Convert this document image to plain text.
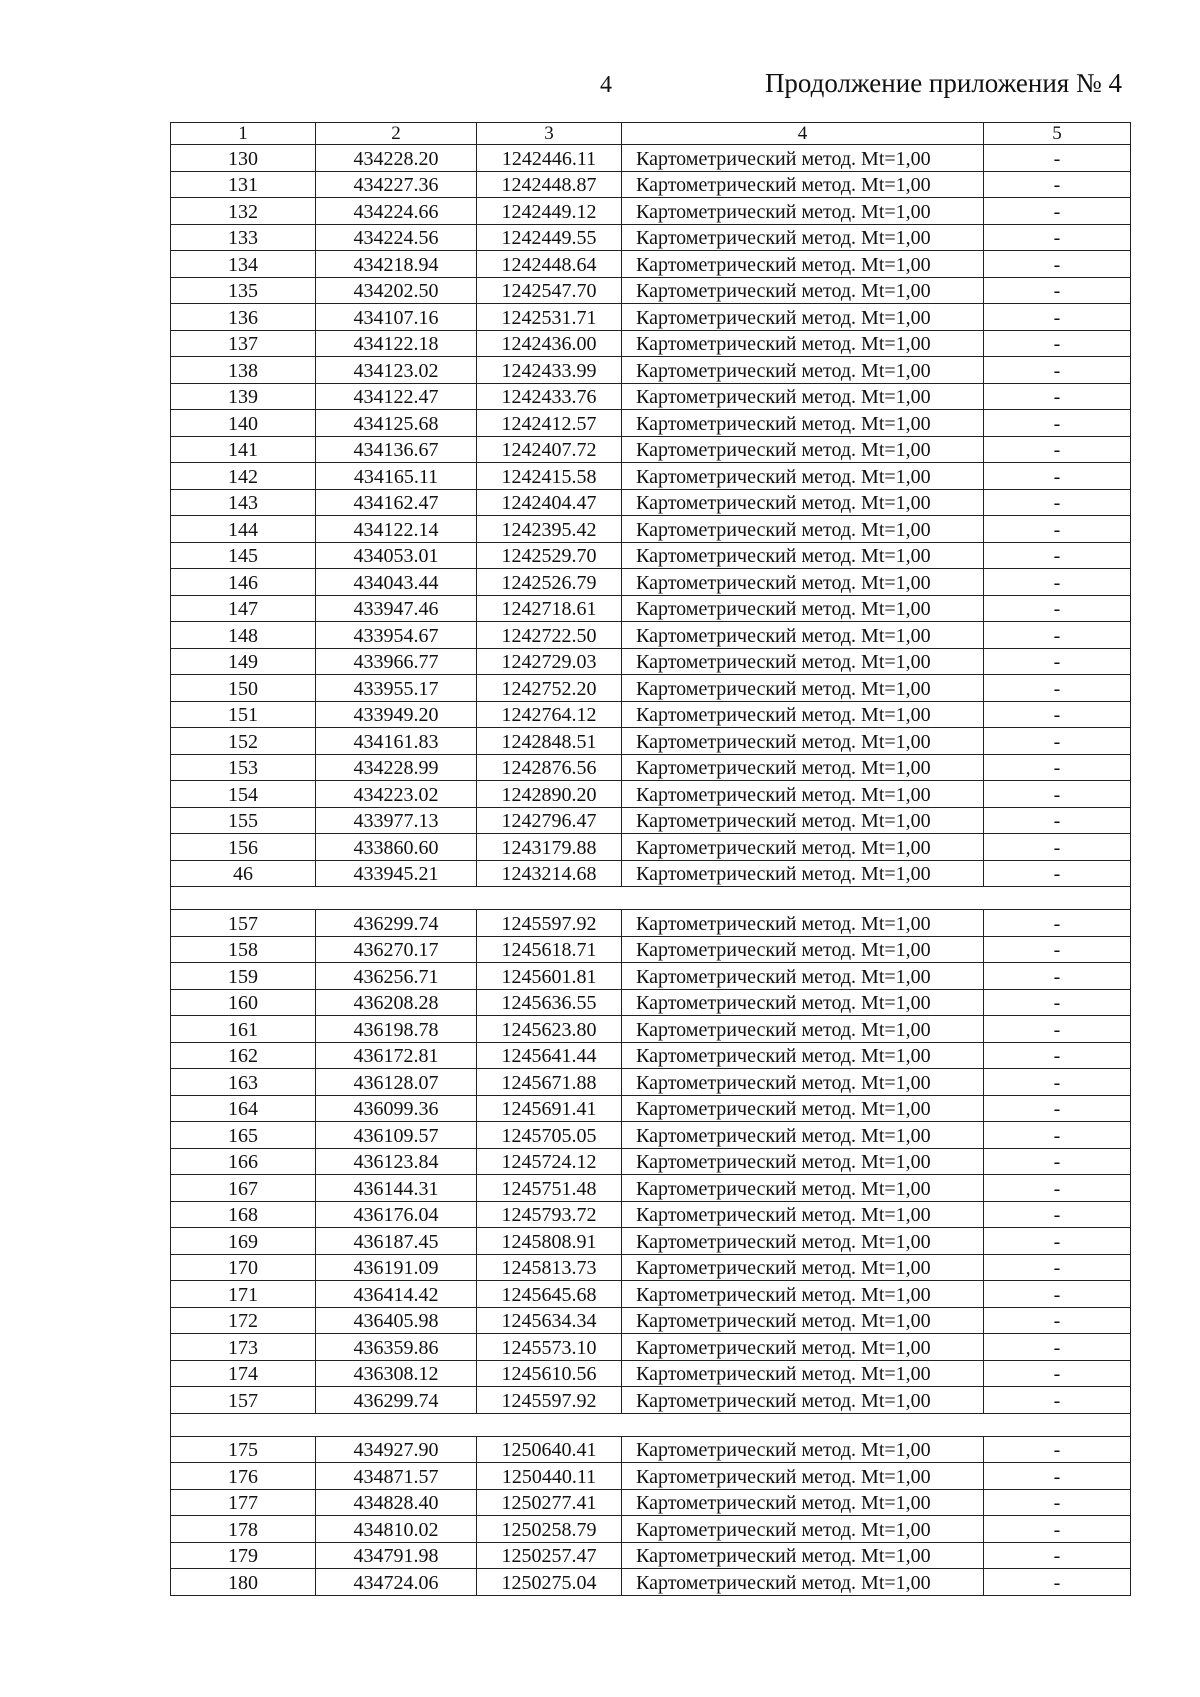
4	Продолжение приложения № 4
1	2	3	4	5
130	434228.20	1242446.11	Картометрический метод. Mt=1,00	-
131	434227.36	1242448.87	Картометрический метод. Mt=1,00	-
132	434224.66	1242449.12	Картометрический метод. Mt=1,00	-
133	434224.56	1242449.55	Картометрический метод. Mt=1,00	-
134	434218.94	1242448.64	Картометрический метод. Mt=1,00	-
135	434202.50	1242547.70	Картометрический метод. Mt=1,00	-
136	434107.16	1242531.71	Картометрический метод. Mt=1,00	-
137	434122.18	1242436.00	Картометрический метод. Mt=1,00	-
138	434123.02	1242433.99	Картометрический метод. Mt=1,00	-
139	434122.47	1242433.76	Картометрический метод. Mt=1,00	-
140	434125.68	1242412.57	Картометрический метод. Mt=1,00	-
141	434136.67	1242407.72	Картометрический метод. Mt=1,00	-
142	434165.11	1242415.58	Картометрический метод. Mt=1,00	-
143	434162.47	1242404.47	Картометрический метод. Mt=1,00	-
144	434122.14	1242395.42	Картометрический метод. Mt=1,00	-
145	434053.01	1242529.70	Картометрический метод. Mt=1,00	-
146	434043.44	1242526.79	Картометрический метод. Mt=1,00	-
147	433947.46	1242718.61	Картометрический метод. Mt=1,00	-
148	433954.67	1242722.50	Картометрический метод. Mt=1,00	-
149	433966.77	1242729.03	Картометрический метод. Mt=1,00	-
150	433955.17	1242752.20	Картометрический метод. Mt=1,00	-
151	433949.20	1242764.12	Картометрический метод. Mt=1,00	-
152	434161.83	1242848.51	Картометрический метод. Mt=1,00	-
153	434228.99	1242876.56	Картометрический метод. Mt=1,00	-
154	434223.02	1242890.20	Картометрический метод. Mt=1,00	-
155	433977.13	1242796.47	Картометрический метод. Mt=1,00	-
156	433860.60	1243179.88	Картометрический метод. Mt=1,00	-
46	433945.21	1243214.68	Картометрический метод. Mt=1,00	-

157	436299.74	1245597.92	Картометрический метод. Mt=1,00	-
158	436270.17	1245618.71	Картометрический метод. Mt=1,00	-
159	436256.71	1245601.81	Картометрический метод. Mt=1,00	-
160	436208.28	1245636.55	Картометрический метод. Mt=1,00	-
161	436198.78	1245623.80	Картометрический метод. Mt=1,00	-
162	436172.81	1245641.44	Картометрический метод. Mt=1,00	-
163	436128.07	1245671.88	Картометрический метод. Mt=1,00	-
164	436099.36	1245691.41	Картометрический метод. Mt=1,00	-
165	436109.57	1245705.05	Картометрический метод. Mt=1,00	-
166	436123.84	1245724.12	Картометрический метод. Mt=1,00	-
167	436144.31	1245751.48	Картометрический метод. Mt=1,00	-
168	436176.04	1245793.72	Картометрический метод. Mt=1,00	-
169	436187.45	1245808.91	Картометрический метод. Mt=1,00	-
170	436191.09	1245813.73	Картометрический метод. Mt=1,00	-
171	436414.42	1245645.68	Картометрический метод. Mt=1,00	-
172	436405.98	1245634.34	Картометрический метод. Mt=1,00	-
173	436359.86	1245573.10	Картометрический метод. Mt=1,00	-
174	436308.12	1245610.56	Картометрический метод. Mt=1,00	-
157	436299.74	1245597.92	Картометрический метод. Mt=1,00	-

175	434927.90	1250640.41	Картометрический метод. Mt=1,00	-
176	434871.57	1250440.11	Картометрический метод. Mt=1,00	-
177	434828.40	1250277.41	Картометрический метод. Mt=1,00	-
178	434810.02	1250258.79	Картометрический метод. Mt=1,00	-
179	434791.98	1250257.47	Картометрический метод. Mt=1,00	-
180	434724.06	1250275.04	Картометрический метод. Mt=1,00	-
